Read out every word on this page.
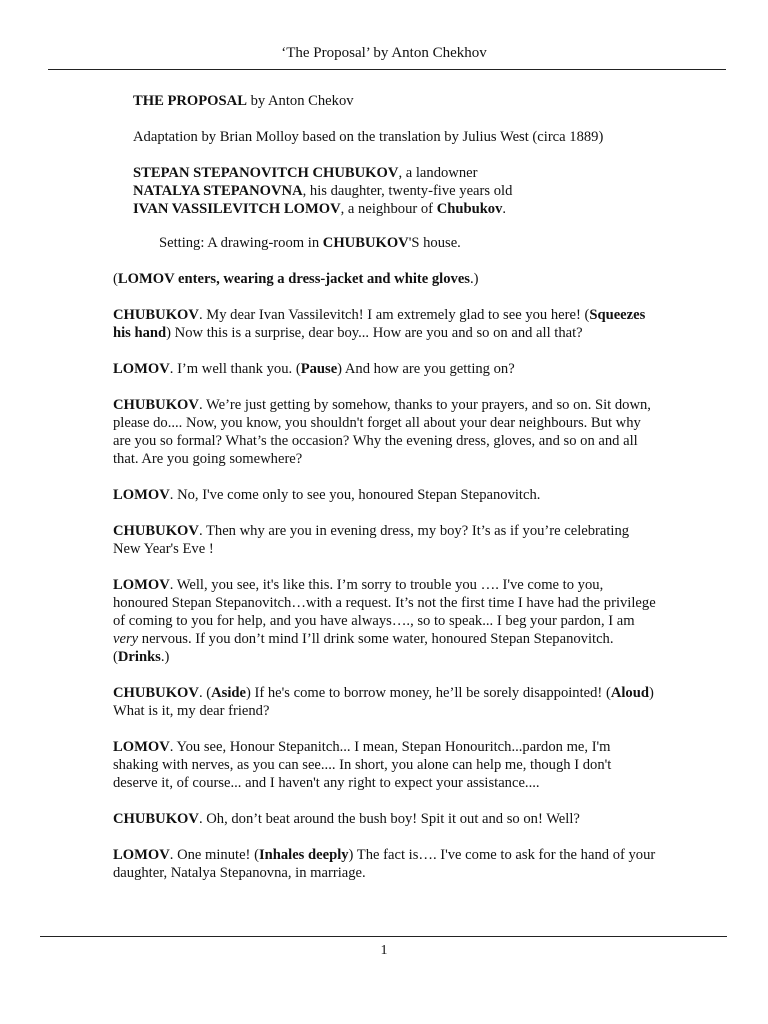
‘The Proposal’ by Anton Chekhov
THE PROPOSAL by Anton Chekov
Adaptation by Brian Molloy based on the translation by Julius West (circa 1889)
STEPAN STEPANOVITCH CHUBUKOV, a landowner
NATALYA STEPANOVNA, his daughter, twenty-five years old
IVAN VASSILEVITCH LOMOV, a neighbour of Chubukov.
Setting: A drawing-room in CHUBUKOV'S house.

(LOMOV enters, wearing a dress-jacket and white gloves.)

CHUBUKOV. My dear Ivan Vassilevitch! I am extremely glad to see you here! (Squeezes his hand) Now this is a surprise, dear boy... How are you and so on and all that?

LOMOV. I’m well thank you. (Pause) And how are you getting on?

CHUBUKOV. We’re just getting by somehow, thanks to your prayers, and so on. Sit down, please do.... Now, you know, you shouldn't forget all about your dear neighbours. But why are you so formal? What’s the occasion? Why the evening dress, gloves, and so on and all that. Are you going somewhere?

LOMOV. No, I've come only to see you, honoured Stepan Stepanovitch.

CHUBUKOV. Then why are you in evening dress, my boy? It’s as if you’re celebrating New Year's Eve !

LOMOV. Well, you see, it's like this. I’m sorry to trouble you …. I've come to you, honoured Stepan Stepanovitch…with a request. It’s not the first time I have had the privilege of coming to you for help, and you have always…., so to speak... I beg your pardon, I am very nervous. If you don’t mind I’ll drink some water, honoured Stepan Stepanovitch. (Drinks.)

CHUBUKOV. (Aside) If he's come to borrow money, he’ll be sorely disappointed! (Aloud) What is it, my dear friend?

LOMOV. You see, Honour Stepanitch... I mean, Stepan Honouritch...pardon me, I'm shaking with nerves, as you can see.... In short, you alone can help me, though I don't deserve it, of course... and I haven't any right to expect your assistance....

CHUBUKOV. Oh, don’t beat around the bush boy! Spit it out and so on! Well?

LOMOV. One minute! (Inhales deeply) The fact is…. I've come to ask for the hand of your daughter, Natalya Stepanovna, in marriage.

1
